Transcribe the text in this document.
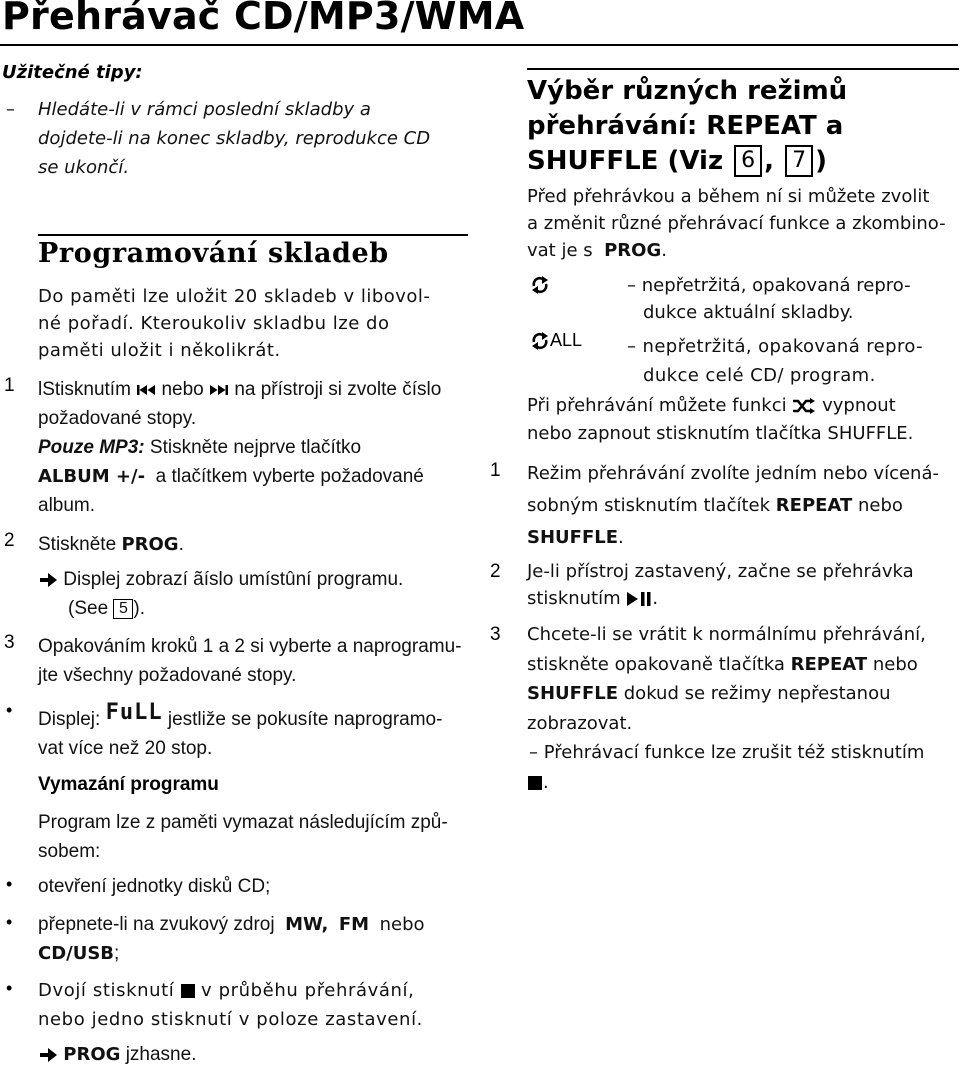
Přehrávač CD/MP3/WMA
Užitečné tipy:
– Hledáte-li v rámci poslední skladby a
dojdete-li na konec skladby, reprodukce CD
se ukončí.
Programování skladeb
Do paměti lze uložit 20 skladeb v libovol-
né pořadí. Kteroukoliv skladbu lze do
paměti uložit i několikrát.
1	lStisknutím nebo na přístroji si zvolte číslo
požadované stopy.
Pouze MP3: Stiskněte nejprve tlačítko
ALBUM +/- a tlačítkem vyberte požadované
album.
2	Stiskněte PROG.
Displej zobrazí ãíslo umístûní programu.
(See 5 ).
3	Opakováním kroků 1 a 2 si vyberte a naprogramu-
jte všechny požadované stopy.
• Displej: FuLL jestliže se pokusíte naprogramo-
vat více než 20 stop.
Vymazání programu
Program lze z paměti vymazat následujícím způ-
sobem:
• otevření jednotky disků CD;
• přepnete-li na zvukový zdroj MW, FM nebo
CD/USB;
• Dvojí stisknutí v průběhu přehrávání,
nebo jedno stisknutí v poloze zastavení.
PROG jzhasne.
Výběr různých režimů
přehrávání: REPEAT a
SHUFFLE (Viz 6 , 7 )
Před přehrávkou a během ní si můžete zvolit
a změnit různé přehrávací funkce a zkombino-
vat je s PROG.
– nepřetržitá, opakovaná repro-
dukce aktuální skladby.
ALL – nepřetržitá, opakovaná repro-
dukce celé CD/ program.
Při přehrávání můžete funkci vypnout
nebo zapnout stisknutím tlačítka SHUFFLE.
1	Režim přehrávání zvolíte jedním nebo vícená-
sobným stisknutím tlačítek REPEAT nebo
SHUFFLE.
2	Je-li přístroj zastavený, začne se přehrávka
stisknutím .
3	Chcete-li se vrátit k normálnímu přehrávání,
stiskněte opakovaně tlačítka REPEAT nebo
SHUFFLE dokud se režimy nepřestanou
zobrazovat.
– Přehrávací funkce lze zrušit též stisknutím
.
